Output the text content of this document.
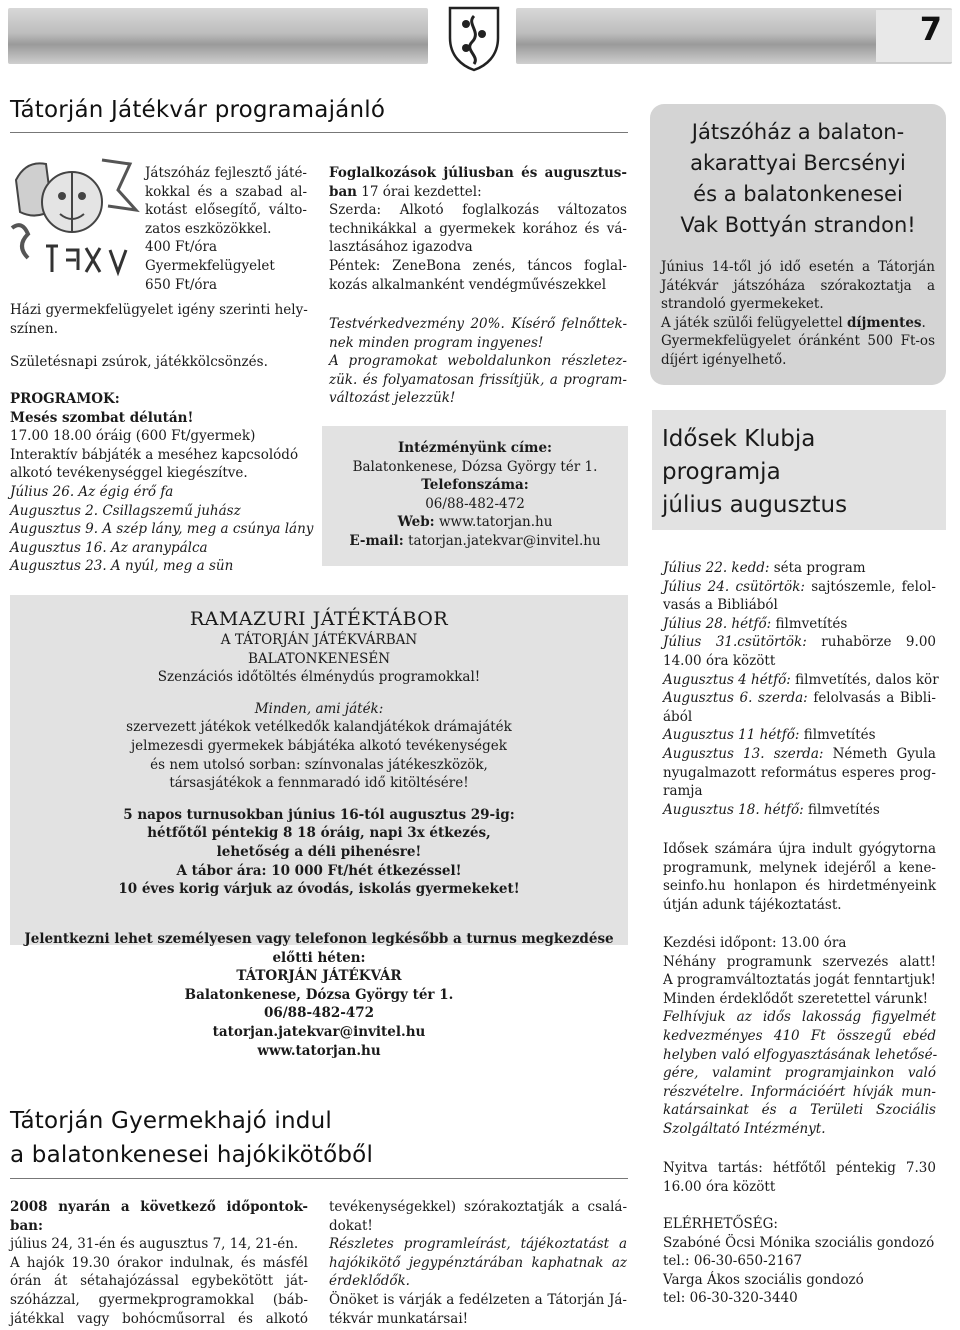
7
Tátorján Játékvár programajánló
Játszóház fejlesztő játé-
kokkal és a szabad al-
kotást elősegítő, válto-
zatos eszközökkel.
400 Ft/óra
Gyermekfelügyelet
650 Ft/óra
Házi gyermekfelügyelet igény szerinti hely-
színen.
Születésnapi zsúrok, játékkölcsönzés.
PROGRAMOK:
Mesés szombat délután!
17.00 18.00 óráig (600 Ft/gyermek)
Interaktív bábjáték a meséhez kapcsolódó
alkotó tevékenységgel kiegészítve.
Július 26. Az égig érő fa
Augusztus 2. Csillagszemű juhász
Augusztus 9. A szép lány, meg a csúnya lány
Augusztus 16. Az aranypálca
Augusztus 23. A nyúl, meg a sün
Foglalkozások júliusban és augusztus-
ban 17 órai kezdettel:
Szerda: Alkotó foglalkozás változatos
technikákkal a gyermekek korához és vá-
lasztásához igazodva
Péntek: ZeneBona zenés, táncos foglal-
kozás alkalmanként vendégművészekkel
Testvérkedvezmény 20%. Kísérő felnőttek-
nek minden program ingyenes!
A programokat weboldalunkon részletez-
zük. és folyamatosan frissítjük, a program-
változást jelezzük!
Intézményünk címe:
Balatonkenese, Dózsa György tér 1.
Telefonszáma:
06/88-482-472
Web: www.tatorjan.hu
E-mail: tatorjan.jatekvar@invitel.hu
RAMAZURI JÁTÉKTÁBOR
A TÁTORJÁN JÁTÉKVÁRBAN
BALATONKENESÉN
Szenzációs időtöltés élménydús programokkal!
Minden, ami játék:
szervezett játékok vetélkedők kalandjátékok drámajáték
jelmezesdi gyermekek bábjátéka alkotó tevékenységek
és nem utolsó sorban: színvonalas játékeszközök,
társasjátékok a fennmaradó idő kitöltésére!
5 napos turnusokban június 16-tól augusztus 29-ig:
hétfőtől péntekig 8 18 óráig, napi 3x étkezés,
lehetőség a déli pihenésre!
A tábor ára: 10 000 Ft/hét étkezéssel!
10 éves korig várjuk az óvodás, iskolás gyermekeket!
Jelentkezni lehet személyesen vagy telefonon legkésőbb a turnus megkezdése
előtti héten:
TÁTORJÁN JÁTÉKVÁR
Balatonkenese, Dózsa György tér 1.
06/88-482-472
tatorjan.jatekvar@invitel.hu
www.tatorjan.hu
Tátorján Gyermekhajó indul
a balatonkenesei hajókikötőből
2008 nyarán a következő időpontok-
ban:
július 24, 31-én és augusztus 7, 14, 21-én.
A hajók 19.30 órakor indulnak, és másfél
órán át sétahajózással egybekötött ját-
szóházzal, gyermekprogramokkal (báb-
játékkal vagy bohócműsorral és alkotó
tevékenységekkel) szórakoztatják a csalá-
dokat!
Részletes programleírást, tájékoztatást a
hajókikötő jegypénztárában kaphatnak az
érdeklődők.
Önöket is várják a fedélzeten a Tátorján Já-
tékvár munkatársai!
Játszóház a balaton-
akarattyai Bercsényi
és a balatonkenesei
Vak Bottyán strandon!
Június 14-től jó idő esetén a Tátorján
Játékvár játszóháza szórakoztatja a
strandoló gyermekeket.
A játék szülői felügyelettel díjmentes.
Gyermekfelügyelet óránként 500 Ft-os
díjért igényelhető.
Idősek Klubja
programja
július augusztus
Július 22. kedd: séta program
Július 24. csütörtök: sajtószemle, felol-
vasás a Bibliából
Július 28. hétfő: filmvetítés
Július 31.csütörtök: ruhabörze 9.00
14.00 óra között
Augusztus 4 hétfő: filmvetítés, dalos kör
Augusztus 6. szerda: felolvasás a Bibli-
ából
Augusztus 11 hétfő: filmvetítés
Augusztus 13. szerda: Németh Gyula
nyugalmazott református esperes prog-
ramja
Augusztus 18. hétfő: filmvetítés
Idősek számára újra indult gyógytorna
programunk, melynek idejéről a kene-
seinfo.hu honlapon és hirdetményeink
útján adunk tájékoztatást.
Kezdési időpont: 13.00 óra
Néhány programunk szervezés alatt!
A programváltoztatás jogát fenntartjuk!
Minden érdeklődőt szeretettel várunk!
Felhívjuk az idős lakosság figyelmét
kedvezményes 410 Ft összegű ebéd
helyben való elfogyasztásának lehetősé-
gére, valamint programjainkon való
részvételre. Információért hívják mun-
katársainkat és a Területi Szociális
Szolgáltató Intézményt.
Nyitva tartás: hétfőtől péntekig 7.30
16.00 óra között
ELÉRHETŐSÉG:
Szabóné Öcsi Mónika szociális gondozó
tel.: 06-30-650-2167
Varga Ákos szociális gondozó
tel: 06-30-320-3440
